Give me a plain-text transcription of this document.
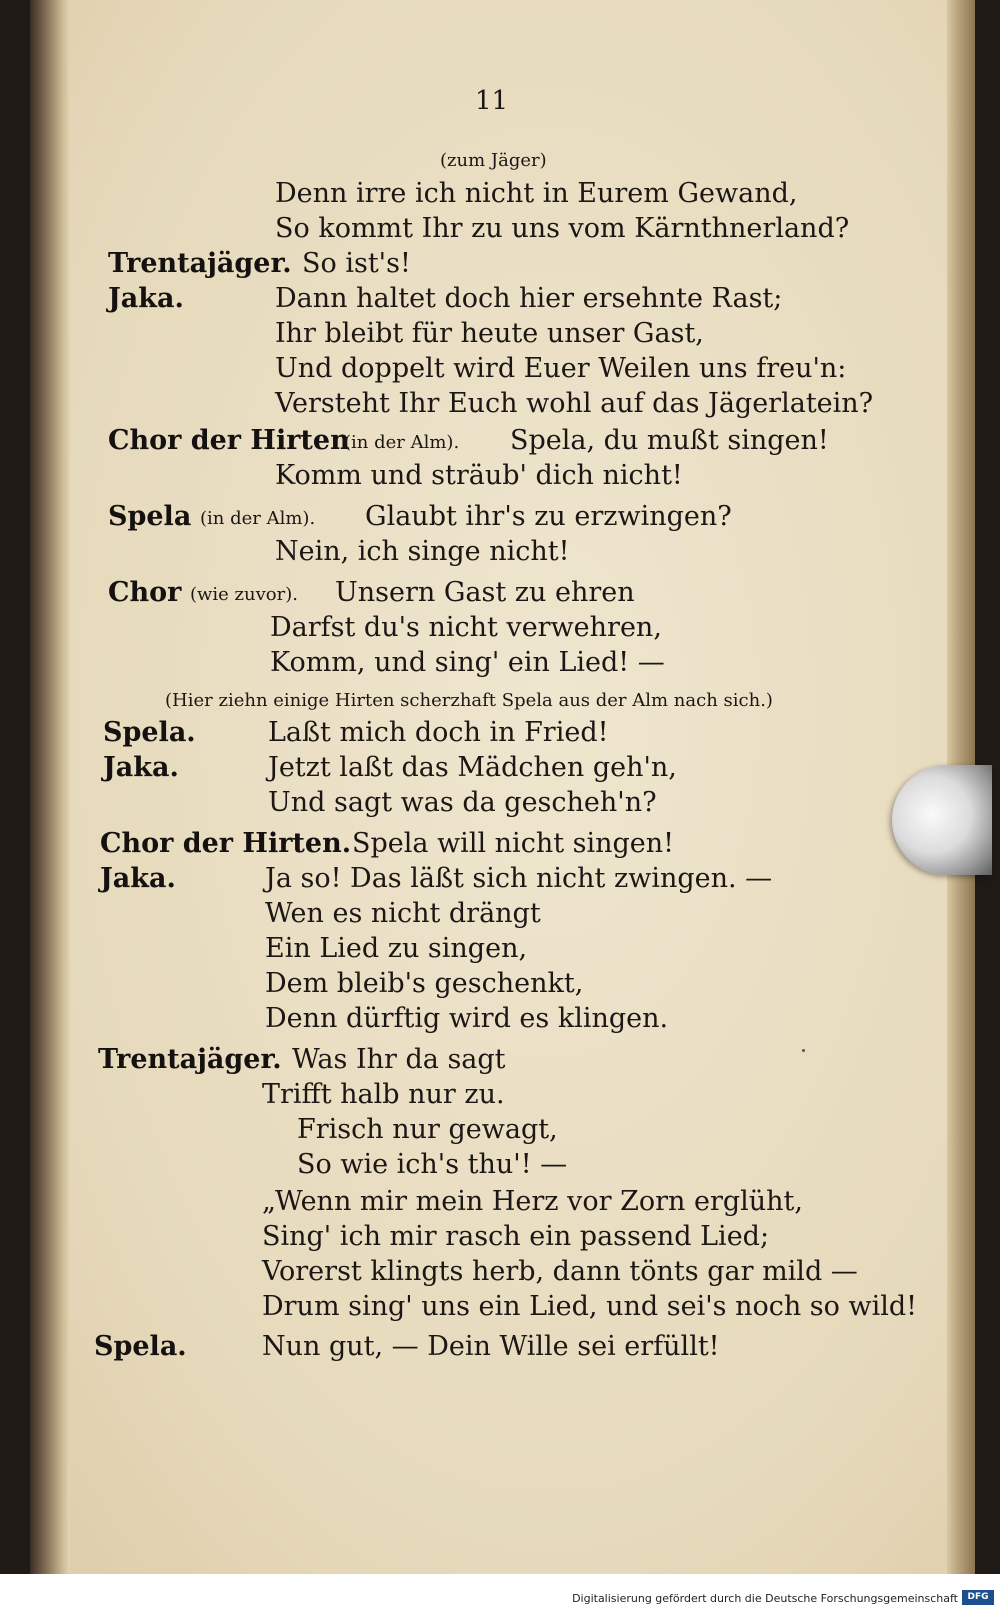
11
(zum Jäger)
Denn irre ich nicht in Eurem Gewand,
So kommt Ihr zu uns vom Kärnthnerland?
Trentajäger. So ist's!
Jaka.	Dann haltet doch hier ersehnte Rast;
Ihr bleibt für heute unser Gast,
Und doppelt wird Euer Weilen uns freu'n:
Versteht Ihr Euch wohl auf das Jägerlatein?
Chor der Hirten
(in der Alm). Spela, du mußt singen!
Komm und sträub' dich nicht!
Spela (in der Alm). Glaubt ihr's zu erzwingen?
Nein, ich singe nicht!
Chor (wie zuvor). Unsern Gast zu ehren
Darfst du's nicht verwehren,
Komm, und sing' ein Lied! —
(Hier ziehn einige Hirten scherzhaft Spela aus der Alm nach sich.)
Spela.	Laßt mich doch in Fried!
Jaka.	Jetzt laßt das Mädchen geh'n,
Und sagt was da gescheh'n?
Chor der Hirten. Spela will nicht singen!
Jaka.	Ja so! Das läßt sich nicht zwingen. —
Wen es nicht drängt
Ein Lied zu singen,
Dem bleib's geschenkt,
Denn dürftig wird es klingen.
Trentajäger. Was Ihr da sagt
Trifft halb nur zu.
Frisch nur gewagt,
So wie ich's thu'! —
„Wenn mir mein Herz vor Zorn erglüht,
Sing' ich mir rasch ein passend Lied;
Vorerst klingts herb, dann tönts gar mild —
Drum sing' uns ein Lied, und sei's noch so wild!
Spela.	Nun gut, — Dein Wille sei erfüllt!
Digitalisierung gefördert durch die Deutsche Forschungsgemeinschaft	DFG
